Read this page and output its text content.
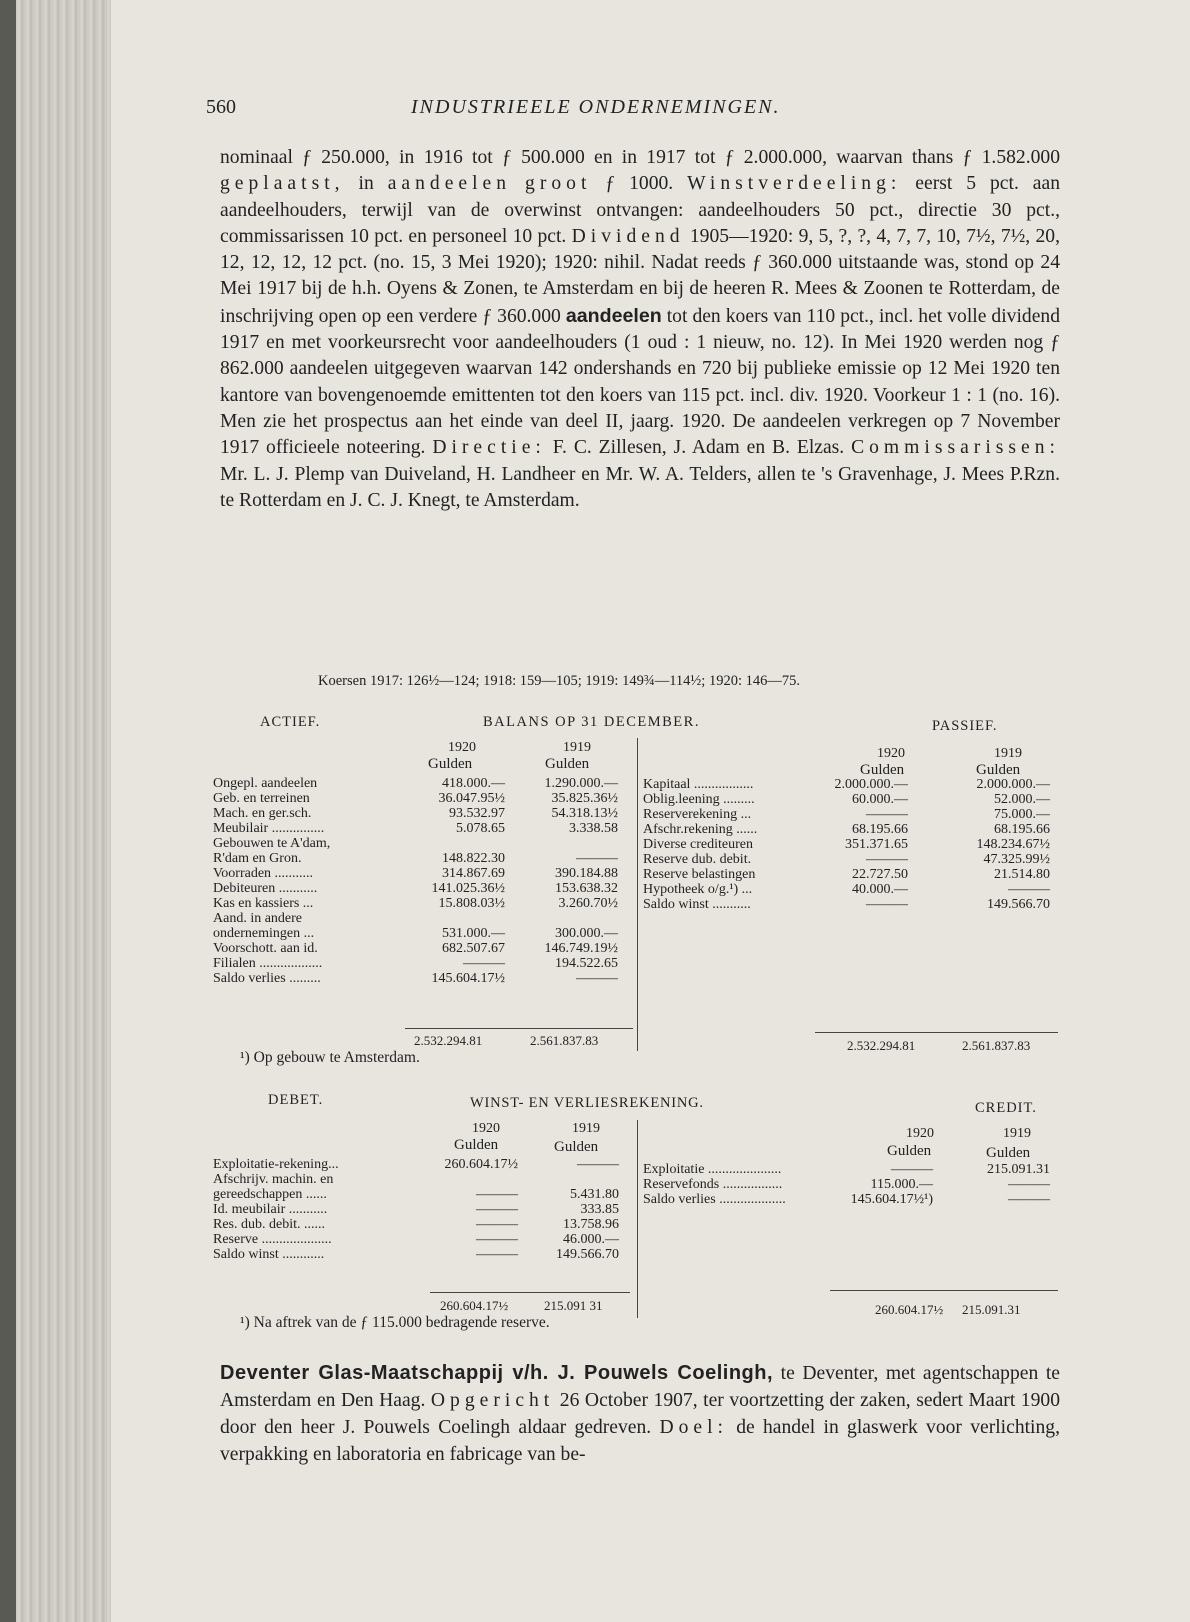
560	INDUSTRIEELE ONDERNEMINGEN.

nominaal ƒ 250.000, in 1916 tot ƒ 500.000 en in 1917 tot ƒ 2.000.000, waarvan thans ƒ 1.582.000 geplaatst, in aandeelen groot ƒ 1000. Winstverdeeling: eerst 5 pct. aan aandeelhouders, terwijl van de overwinst ontvangen: aandeelhouders 50 pct., directie 30 pct., commissarissen 10 pct. en personeel 10 pct. Dividend 1905—1920: 9, 5, ?, ?, 4, 7, 7, 10, 7½, 7½, 20, 12, 12, 12, 12 pct. (no. 15, 3 Mei 1920); 1920: nihil. Nadat reeds ƒ 360.000 uitstaande was, stond op 24 Mei 1917 bij de h.h. Oyens & Zonen, te Amsterdam en bij de heeren R. Mees & Zoonen te Rotterdam, de inschrijving open op een verdere ƒ 360.000 aandeelen tot den koers van 110 pct., incl. het volle dividend 1917 en met voorkeursrecht voor aandeelhouders (1 oud : 1 nieuw, no. 12). In Mei 1920 werden nog ƒ 862.000 aandeelen uitgegeven waarvan 142 ondershands en 720 bij publieke emissie op 12 Mei 1920 ten kantore van bovengenoemde emittenten tot den koers van 115 pct. incl. div. 1920. Voorkeur 1 : 1 (no. 16). Men zie het prospectus aan het einde van deel II, jaarg. 1920. De aandeelen verkregen op 7 November 1917 officieele noteering. Directie: F. C. Zillesen, J. Adam en B. Elzas. Commissarissen: Mr. L. J. Plemp van Duiveland, H. Landheer en Mr. W. A. Telders, allen te 's Gravenhage, J. Mees P.Rzn. te Rotterdam en J. C. J. Knegt, te Amsterdam.

Koersen 1917: 126½—124; 1918: 159—105; 1919: 149¾—114½; 1920: 146—75.
ACTIEF.	BALANS OP 31 DECEMBER.	PASSIEF.
1920	1919
Gulden	Gulden
1920	1919
Gulden	Gulden
Ongepl. aandeelen	418.000.—	1.290.000.—
Geb. en terreinen	36.047.95½	35.825.36½
Mach. en ger.sch.	93.532.97	54.318.13½
Meubilair ...............	5.078.65	3.338.58
Gebouwen te A'dam,
R'dam en Gron.	148.822.30	———
Voorraden ...........	314.867.69	390.184.88
Debiteuren ...........	141.025.36½	153.638.32
Kas en kassiers ...	15.808.03½	3.260.70½
Aand. in andere
ondernemingen ...	531.000.—	300.000.—
Voorschott. aan id.	682.507.67	146.749.19½
Filialen ..................	———	194.522.65
Saldo verlies .........	145.604.17½	———
Kapitaal .................	2.000.000.—	2.000.000.—
Oblig.leening .........	60.000.—	52.000.—
Reserverekening ...	———	75.000.—
Afschr.rekening ......	68.195.66	68.195.66
Diverse crediteuren	351.371.65	148.234.67½
Reserve dub. debit.	———	47.325.99½
Reserve belastingen	22.727.50	21.514.80
Hypotheek o/g.¹) ...	40.000.—	———
Saldo winst ...........	———	149.566.70
2.532.294.81	2.561.837.83	2.532.294.81	2.561.837.83
¹) Op gebouw te Amsterdam.
DEBET.	WINST- EN VERLIESREKENING.	CREDIT.
1920	1919
Gulden	Gulden
1920	1919
Gulden	Gulden
Exploitatie-rekening...	260.604.17½	———
Afschrijv. machin. en
gereedschappen ......	———	5.431.80
Id. meubilair ...........	———	333.85
Res. dub. debit. ......	———	13.758.96
Reserve ....................	———	46.000.—
Saldo winst ............	———	149.566.70
Exploitatie .....................	———	215.091.31
Reservefonds .................	115.000.—	———
Saldo verlies ...................	145.604.17½¹)	———
260.604.17½	215.091 31	260.604.17½ 215.091.31
¹) Na aftrek van de ƒ 115.000 bedragende reserve.
Deventer Glas-Maatschappij v/h. J. Pouwels Coelingh, te Deventer, met agentschappen te Amsterdam en Den Haag. Opgericht 26 October 1907, ter voortzetting der zaken, sedert Maart 1900 door den heer J. Pouwels Coelingh aldaar gedreven. Doel: de handel in glaswerk voor verlichting, verpakking en laboratoria en fabricage van be-
